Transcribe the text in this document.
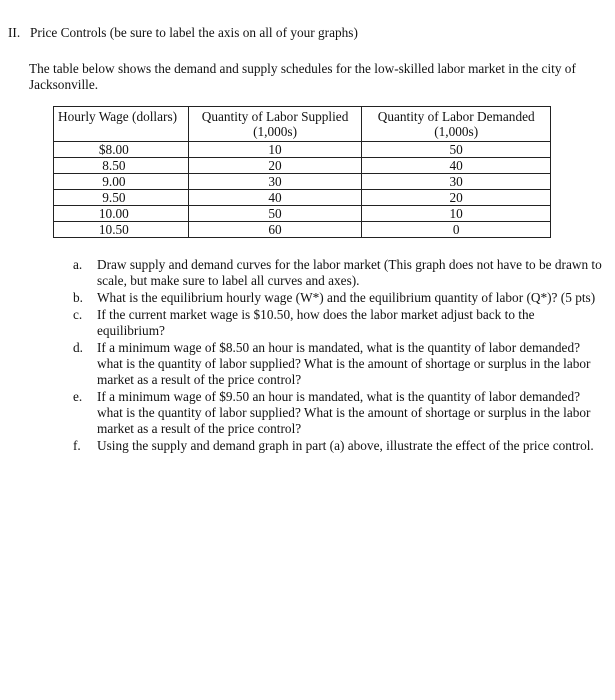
II. Price Controls (be sure to label the axis on all of your graphs)
The table below shows the demand and supply schedules for the low-skilled labor market in the city of Jacksonville.
Hourly Wage (dollars)	Quantity of Labor Supplied (1,000s)	Quantity of Labor Demanded (1,000s)
$8.00	10	50
8.50	20	40
9.00	30	30
9.50	40	20
10.00	50	10
10.50	60	0
a. Draw supply and demand curves for the labor market (This graph does not have to be drawn to scale, but make sure to label all curves and axes).
b. What is the equilibrium hourly wage (W*) and the equilibrium quantity of labor (Q*)? (5 pts)
c. If the current market wage is $10.50, how does the labor market adjust back to the equilibrium?
d. If a minimum wage of $8.50 an hour is mandated, what is the quantity of labor demanded? what is the quantity of labor supplied? What is the amount of shortage or surplus in the labor market as a result of the price control?
e. If a minimum wage of $9.50 an hour is mandated, what is the quantity of labor demanded? what is the quantity of labor supplied? What is the amount of shortage or surplus in the labor market as a result of the price control?
f. Using the supply and demand graph in part (a) above, illustrate the effect of the price control.
